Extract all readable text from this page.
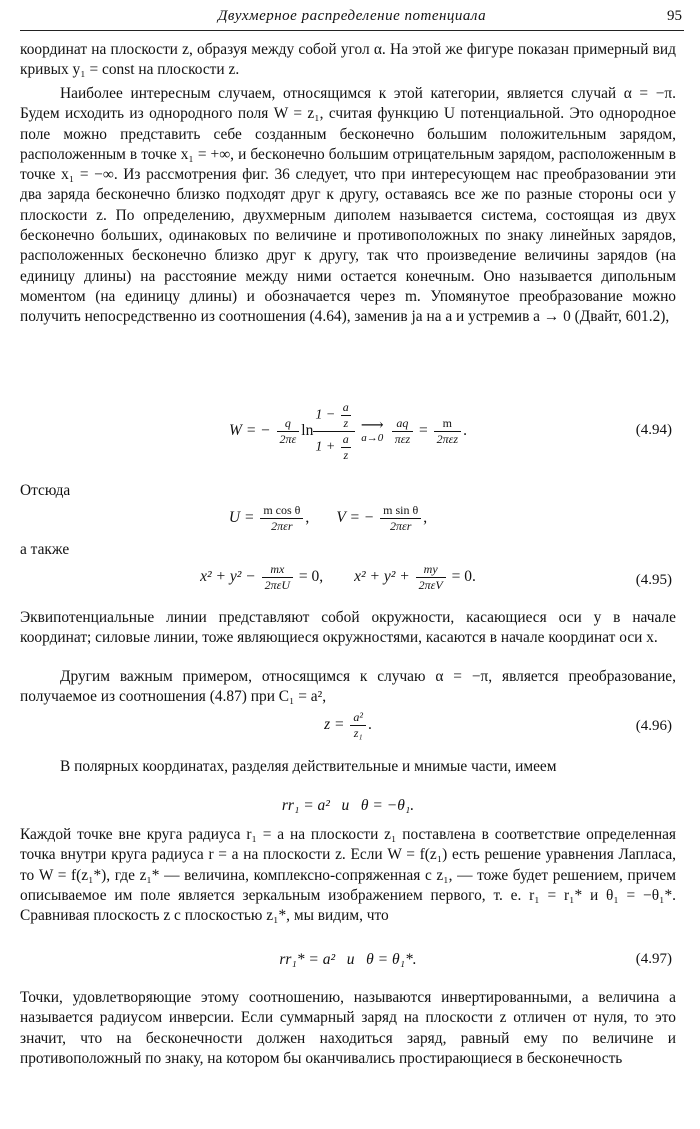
Двухмерное распределение потенциала	95

координат на плоскости z, образуя между собой угол α. На этой же фигуре показан примерный вид кривых y₁ = const на плоскости z.

Наиболее интересным случаем, относящимся к этой категории, является случай α = −π. Будем исходить из однородного поля W = z₁, считая функцию U потенциальной. Это однородное поле можно представить себе созданным бесконечно большим положительным зарядом, расположенным в точке x₁ = +∞, и бесконечно большим отрицательным зарядом, расположенным в точке x₁ = −∞. Из рассмотрения фиг. 36 следует, что при интересующем нас преобразовании эти два заряда бесконечно близко подходят друг к другу, оставаясь все же по разные стороны оси y плоскости z. По определению, двухмерным диполем называется система, состоящая из двух бесконечно больших, одинаковых по величине и противоположных по знаку линейных зарядов, расположенных бесконечно близко друг к другу, так что произведение величины зарядов (на единицу длины) на расстояние между ними остается конечным. Оно называется дипольным моментом (на единицу длины) и обозначается через m. Упомянутое преобразование можно получить непосредственно из соотношения (4.64), заменив ja на a и устремив a → 0 (Двайт, 601.2),

W = − $\frac{q}{2\pi\varepsilon}$ $\ln \frac{1 - \frac{a}{z}}{1 + \frac{a}{z}}$ ⟶
$a\to 0 \frac{aq}{\text{πεz}} = \frac{m}{\text{2πεz}}$ .	(4.94)
Отсюда
$U = \frac{\text{m cos θ}}{\text{2πεr}}$ , V = − $\frac{\text{m sin θ}}{\text{2πεr}}$ ,
а также
$x^2 + y^2 - \frac{mx}{\text{2πεU}} = 0$, $x^2 + y^2 + \frac{my}{\text{2πεV}} = 0$.	(4.95)

Эквипотенциальные линии представляют собой окружности, касающиеся оси y в начале координат; силовые линии, тоже являющиеся окружностями, касаются в начале координат оси x.

Другим важным примером, относящимся к случаю α = −π, является преобразование, получаемое из соотношения (4.87) при C₁ = a²,

$z = \frac{\text{a²}}{\text{z₁}}$ .	(4.96)

В полярных координатах, разделяя действительные и мнимые части, имеем

rr₁ = a²   и   θ = −θ₁.

Каждой точке вне круга радиуса r₁ = a на плоскости z₁ поставлена в соответствие определенная точка внутри круга радиуса r = a на плоскости z. Если W = f(z₁) есть решение уравнения Лапласа, то W = f(z₁*), где z₁* — величина, комплексно-сопряженная с z₁, — тоже будет решением, причем описываемое им поле является зеркальным изображением первого, т. е. r₁ = r₁* и θ₁ = −θ₁*. Сравнивая плоскость z с плоскостью z₁*, мы видим, что

rr₁* = a²   и   θ = θ₁*.	(4.97)

Точки, удовлетворяющие этому соотношению, называются инвертированными, а величина a называется радиусом инверсии. Если суммарный заряд на плоскости z отличен от нуля, то это значит, что на бесконечности должен находиться заряд, равный ему по величине и противоположный по знаку, на котором бы оканчивались простирающиеся в бесконечность
